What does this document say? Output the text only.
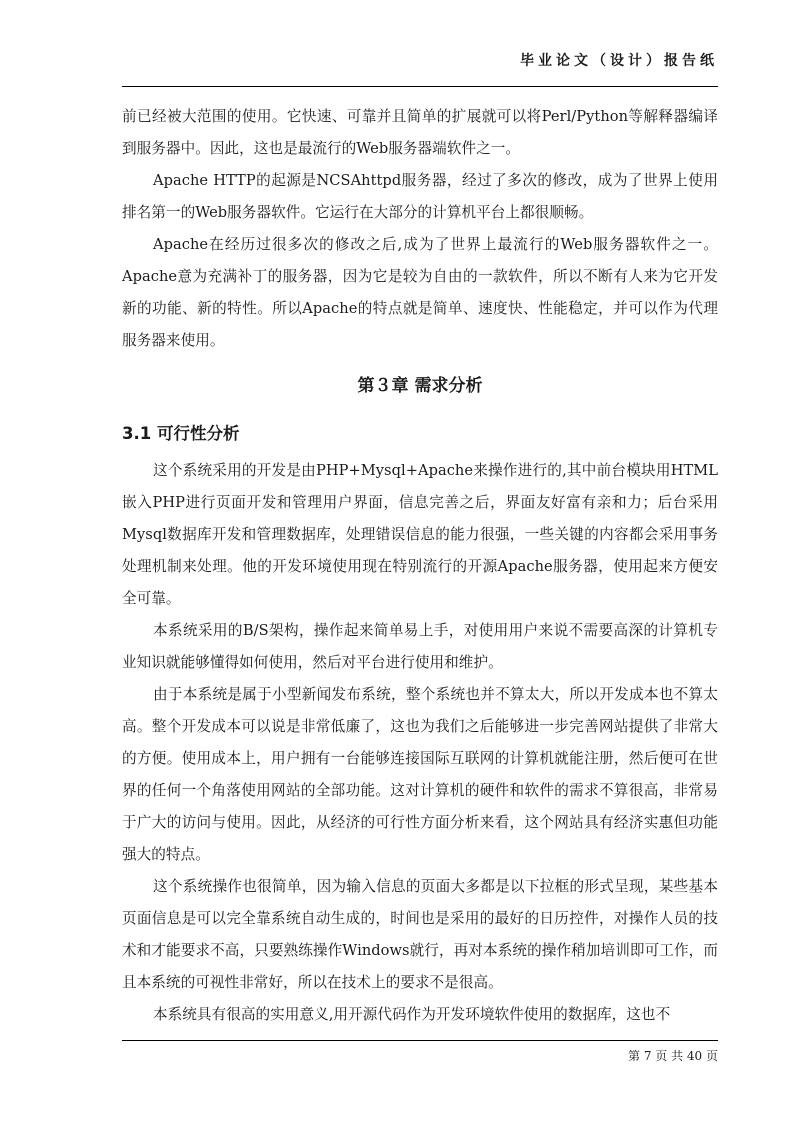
毕业论文（设计）报告纸

前已经被大范围的使用。它快速、可靠并且简单的扩展就可以将Perl/Python等解释器编译到服务器中。因此，这也是最流行的Web服务器端软件之一。

Apache HTTP的起源是NCSAhttpd服务器，经过了多次的修改，成为了世界上使用排名第一的Web服务器软件。它运行在大部分的计算机平台上都很顺畅。

Apache在经历过很多次的修改之后,成为了世界上最流行的Web服务器软件之一。Apache意为充满补丁的服务器，因为它是较为自由的一款软件，所以不断有人来为它开发新的功能、新的特性。所以Apache的特点就是简单、速度快、性能稳定，并可以作为代理服务器来使用。

第３章 需求分析
3.1 可行性分析

这个系统采用的开发是由PHP+Mysql+Apache来操作进行的,其中前台模块用HTML嵌入PHP进行页面开发和管理用户界面，信息完善之后，界面友好富有亲和力；后台采用Mysql数据库开发和管理数据库，处理错误信息的能力很强，一些关键的内容都会采用事务处理机制来处理。他的开发环境使用现在特别流行的开源Apache服务器，使用起来方便安全可靠。

本系统采用的B/S架构，操作起来简单易上手，对使用用户来说不需要高深的计算机专业知识就能够懂得如何使用，然后对平台进行使用和维护。

由于本系统是属于小型新闻发布系统，整个系统也并不算太大，所以开发成本也不算太高。整个开发成本可以说是非常低廉了，这也为我们之后能够进一步完善网站提供了非常大的方便。使用成本上，用户拥有一台能够连接国际互联网的计算机就能注册，然后便可在世界的任何一个角落使用网站的全部功能。这对计算机的硬件和软件的需求不算很高，非常易于广大的访问与使用。因此，从经济的可行性方面分析来看，这个网站具有经济实惠但功能强大的特点。

这个系统操作也很简单，因为输入信息的页面大多都是以下拉框的形式呈现，某些基本页面信息是可以完全靠系统自动生成的，时间也是采用的最好的日历控件，对操作人员的技术和才能要求不高，只要熟练操作Windows就行，再对本系统的操作稍加培训即可工作，而且本系统的可视性非常好，所以在技术上的要求不是很高。

本系统具有很高的实用意义,用开源代码作为开发环境软件使用的数据库，这也不

第 7 页 共 40 页
